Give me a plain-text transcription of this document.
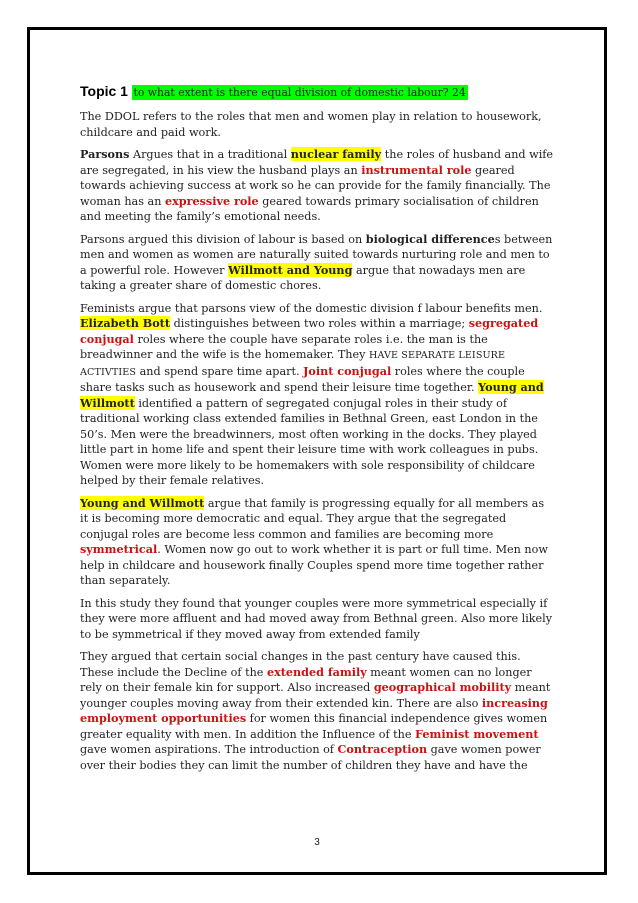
Topic 1 to what extent is there equal division of domestic labour? 24

The DDOL refers to the roles that men and women play in relation to housework, childcare and paid work.

Parsons Argues that in a traditional nuclear family the roles of husband and wife are segregated, in his view the husband plays an instrumental role geared towards achieving success at work so he can provide for the family financially. The woman has an expressive role geared towards primary socialisation of children and meeting the family’s emotional needs.

Parsons argued this division of labour is based on biological differences between men and women as women are naturally suited towards nurturing role and men to a powerful role. However Willmott and Young argue that nowadays men are taking a greater share of domestic chores.

Feminists argue that parsons view of the domestic division f labour benefits men. Elizabeth Bott distinguishes between two roles within a marriage; segregated conjugal roles where the couple have separate roles i.e. the man is the breadwinner and the wife is the homemaker. They HAVE SEPARATE LEISURE ACTIVTIES and spend spare time apart. Joint conjugal roles where the couple share tasks such as housework and spend their leisure time together. Young and Willmott identified a pattern of segregated conjugal roles in their study of traditional working class extended families in Bethnal Green, east London in the 50’s. Men were the breadwinners, most often working in the docks. They played little part in home life and spent their leisure time with work colleagues in pubs. Women were more likely to be homemakers with sole responsibility of childcare helped by their female relatives.

Young and Willmott argue that family is progressing equally for all members as it is becoming more democratic and equal. They argue that the segregated conjugal roles are become less common and families are becoming more symmetrical. Women now go out to work whether it is part or full time. Men now help in childcare and housework finally Couples spend more time together rather than separately.

In this study they found that younger couples were more symmetrical especially if they were more affluent and had moved away from Bethnal green. Also more likely to be symmetrical if they moved away from extended family

They argued that certain social changes in the past century have caused this. These include the Decline of the extended family meant women can no longer rely on their female kin for support. Also increased geographical mobility meant younger couples moving away from their extended kin. There are also increasing employment opportunities for women this financial independence gives women greater equality with men. In addition the Influence of the Feminist movement gave women aspirations. The introduction of Contraception gave women power over their bodies they can limit the number of children they have and have the

3
